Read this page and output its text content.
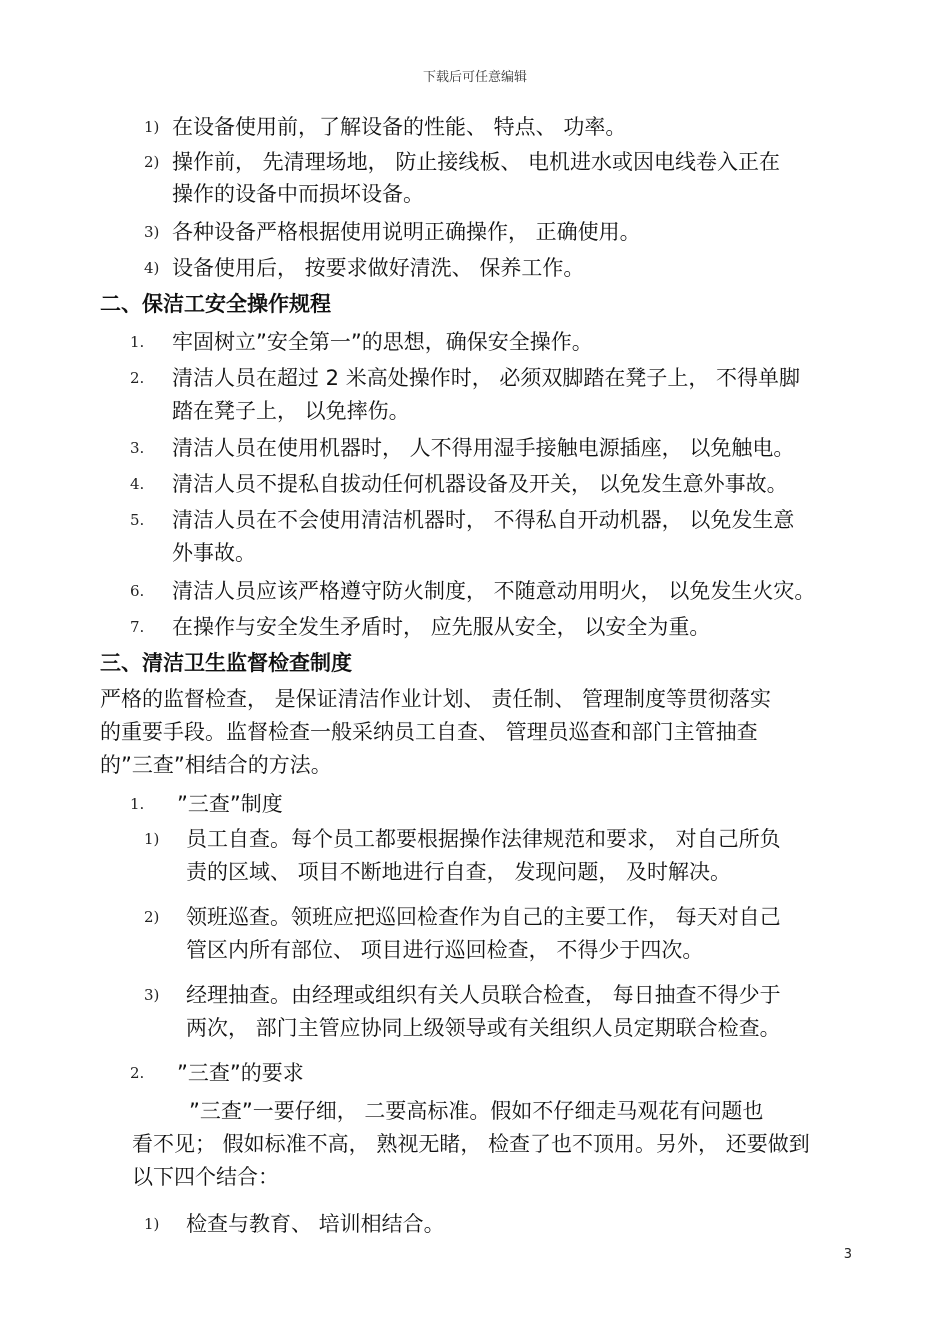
下载后可任意编辑
1) 在设备使用前，了解设备的性能、 特点、 功率。
2) 操作前， 先清理场地， 防止接线板、 电机进水或因电线卷入正在
操作的设备中而损坏设备。
3) 各种设备严格根据使用说明正确操作， 正确使用。
4) 设备使用后， 按要求做好清洗、 保养工作。
二、保洁工安全操作规程
1. 牢固树立”安全第一”的思想，确保安全操作。
2. 清洁人员在超过 2 米高处操作时， 必须双脚踏在凳子上， 不得单脚
踏在凳子上， 以免摔伤。
3. 清洁人员在使用机器时， 人不得用湿手接触电源插座， 以免触电。
4. 清洁人员不提私自拔动任何机器设备及开关， 以免发生意外事故。
5. 清洁人员在不会使用清洁机器时， 不得私自开动机器， 以免发生意
外事故。
6. 清洁人员应该严格遵守防火制度， 不随意动用明火， 以免发生火灾。
7. 在操作与安全发生矛盾时， 应先服从安全， 以安全为重。
三、清洁卫生监督检查制度
严格的监督检查， 是保证清洁作业计划、 责任制、 管理制度等贯彻落实
的重要手段。监督检查一般采纳员工自查、 管理员巡查和部门主管抽查
的”三查”相结合的方法。
1. ”三查”制度
1) 员工自查。每个员工都要根据操作法律规范和要求， 对自己所负
责的区域、 项目不断地进行自查， 发现问题， 及时解决。
2) 领班巡查。领班应把巡回检查作为自己的主要工作， 每天对自己
管区内所有部位、 项目进行巡回检查， 不得少于四次。
3) 经理抽查。由经理或组织有关人员联合检查， 每日抽查不得少于
两次， 部门主管应协同上级领导或有关组织人员定期联合检查。
2. ”三查”的要求
”三查”一要仔细， 二要高标准。假如不仔细走马观花有问题也
看不见； 假如标准不高， 熟视无睹， 检查了也不顶用。另外， 还要做到
以下四个结合：
1) 检查与教育、 培训相结合。
3
